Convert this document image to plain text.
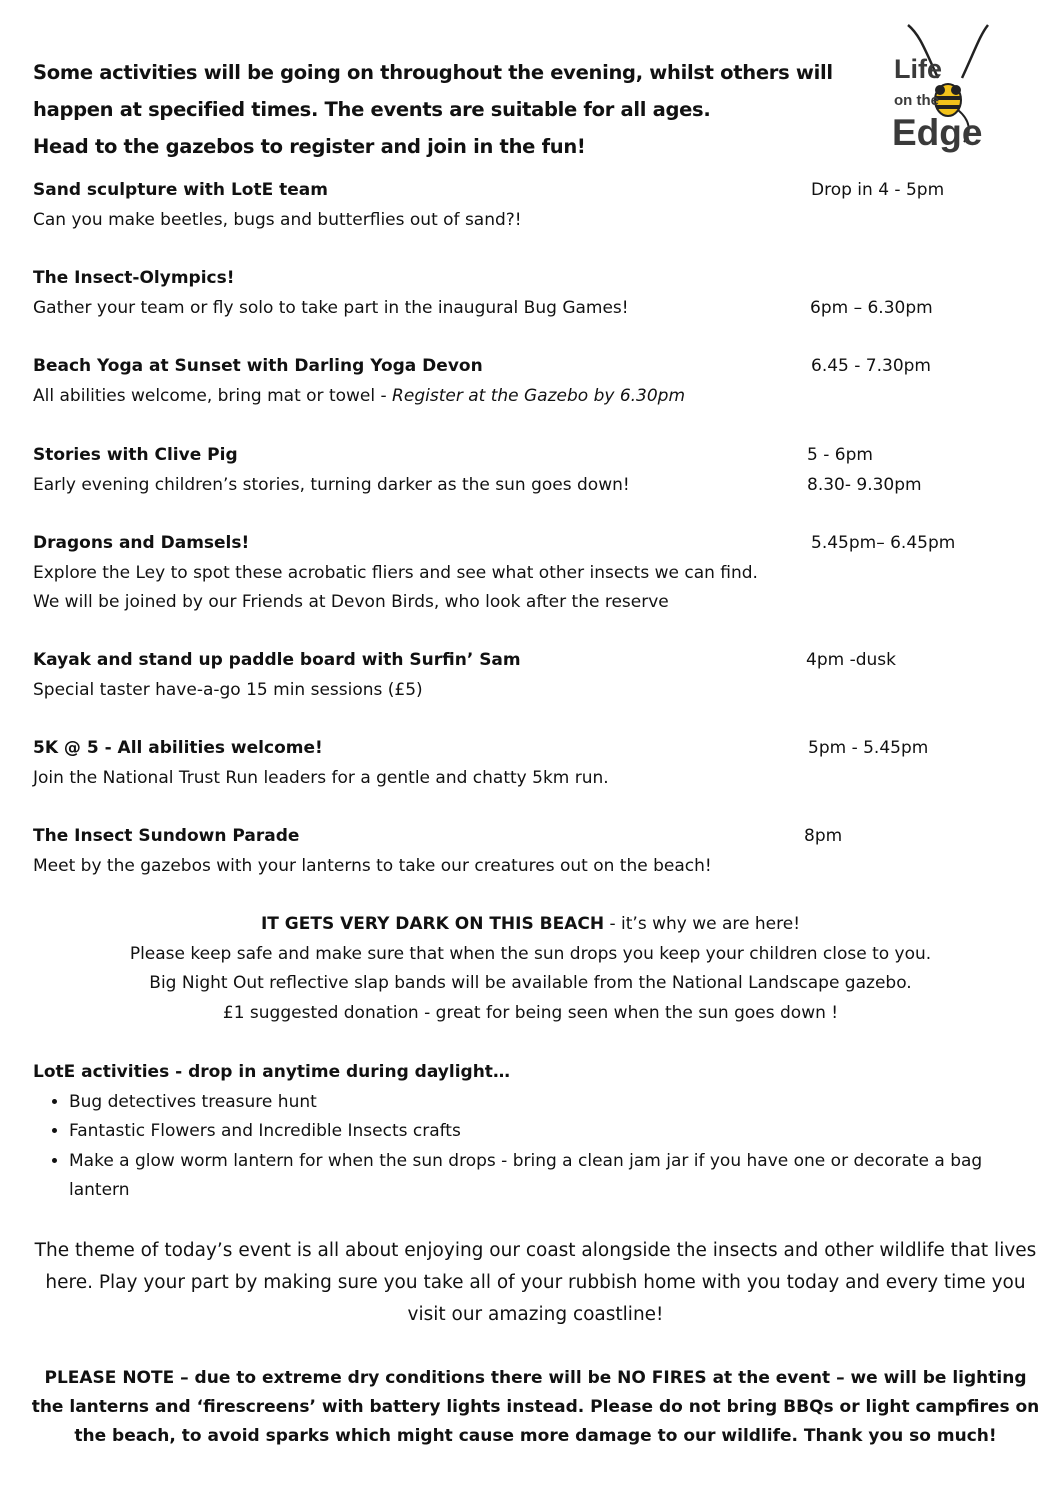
Some activities will be going on throughout the evening, whilst others will
happen at specified times. The events are suitable for all ages.
Head to the gazebos to register and join in the fun!
Life
on the
Edge
Sand sculpture with LotE team
Can you make beetles, bugs and butterflies out of sand?!
Drop in 4 - 5pm
The Insect-Olympics!
Gather your team or fly solo to take part in the inaugural Bug Games!	6pm – 6.30pm
Beach Yoga at Sunset with Darling Yoga Devon
All abilities welcome, bring mat or towel - Register at the Gazebo by 6.30pm
6.45 - 7.30pm
Stories with Clive Pig
Early evening children’s stories, turning darker as the sun goes down!
5 - 6pm
8.30- 9.30pm
Dragons and Damsels!
Explore the Ley to spot these acrobatic fliers and see what other insects we can find.
We will be joined by our Friends at Devon Birds, who look after the reserve
5.45pm– 6.45pm
Kayak and stand up paddle board with Surfin’ Sam
Special taster have-a-go 15 min sessions (£5)
4pm -dusk
5K @ 5 - All abilities welcome!
Join the National Trust Run leaders for a gentle and chatty 5km run.
5pm - 5.45pm
The Insect Sundown Parade
Meet by the gazebos with your lanterns to take our creatures out on the beach!
8pm
IT GETS VERY DARK ON THIS BEACH - it’s why we are here!
Please keep safe and make sure that when the sun drops you keep your children close to you.
Big Night Out reflective slap bands will be available from the National Landscape gazebo.
£1 suggested donation - great for being seen when the sun goes down !
LotE activities - drop in anytime during daylight…
• Bug detectives treasure hunt
• Fantastic Flowers and Incredible Insects crafts
• Make a glow worm lantern for when the sun drops - bring a clean jam jar if you have one or decorate a bag lantern
The theme of today’s event is all about enjoying our coast alongside the insects and other wildlife that lives here. Play your part by making sure you take all of your rubbish home with you today and every time you visit our amazing coastline!
PLEASE NOTE – due to extreme dry conditions there will be NO FIRES at the event – we will be lighting the lanterns and ‘firescreens’ with battery lights instead. Please do not bring BBQs or light campfires on the beach, to avoid sparks which might cause more damage to our wildlife. Thank you so much!
